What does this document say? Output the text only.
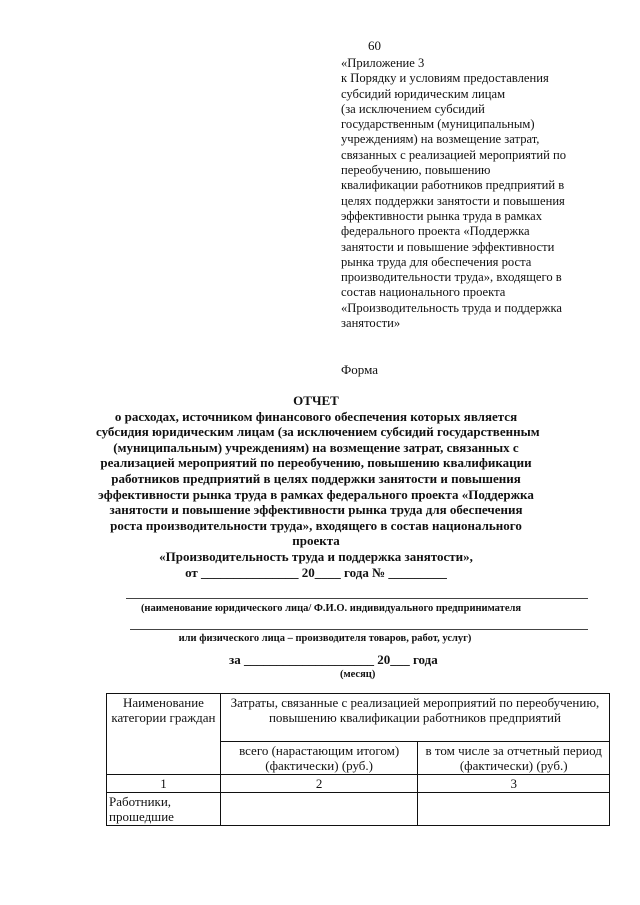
60
«Приложение 3
к Порядку и условиям предоставления
субсидий юридическим лицам
(за исключением субсидий
государственным (муниципальным)
учреждениям) на возмещение затрат,
связанных с реализацией мероприятий по
переобучению, повышению
квалификации работников предприятий в
целях поддержки занятости и повышения
эффективности рынка труда в рамках
федерального проекта «Поддержка
занятости и повышение эффективности
рынка труда для обеспечения роста
производительности труда», входящего в
состав национального проекта
«Производительность труда и поддержка
занятости»
Форма
ОТЧЕТ
о расходах, источником финансового обеспечения которых является
субсидия юридическим лицам (за исключением субсидий государственным
(муниципальным) учреждениям) на возмещение затрат, связанных с
реализацией мероприятий по переобучению, повышению квалификации
работников предприятий в целях поддержки занятости и повышения
эффективности рынка труда в рамках федерального проекта «Поддержка
занятости и повышение эффективности рынка труда для обеспечения
роста производительности труда», входящего в состав национального
проекта
«Производительность труда и поддержка занятости»,
от _______________ 20____ года № _________
(наименование юридического лица/ Ф.И.О. индивидуального предпринимателя
или физического лица – производителя товаров, работ, услуг)
за ____________________ 20___ года
(месяц)
Наименование категории граждан	Затраты, связанные с реализацией мероприятий по переобучению, повышению квалификации работников предприятий	
	всего (нарастающим итогом) (фактически) (руб.)	в том числе за отчетный период (фактически) (руб.)
1	2	3
Работники, прошедшие		
